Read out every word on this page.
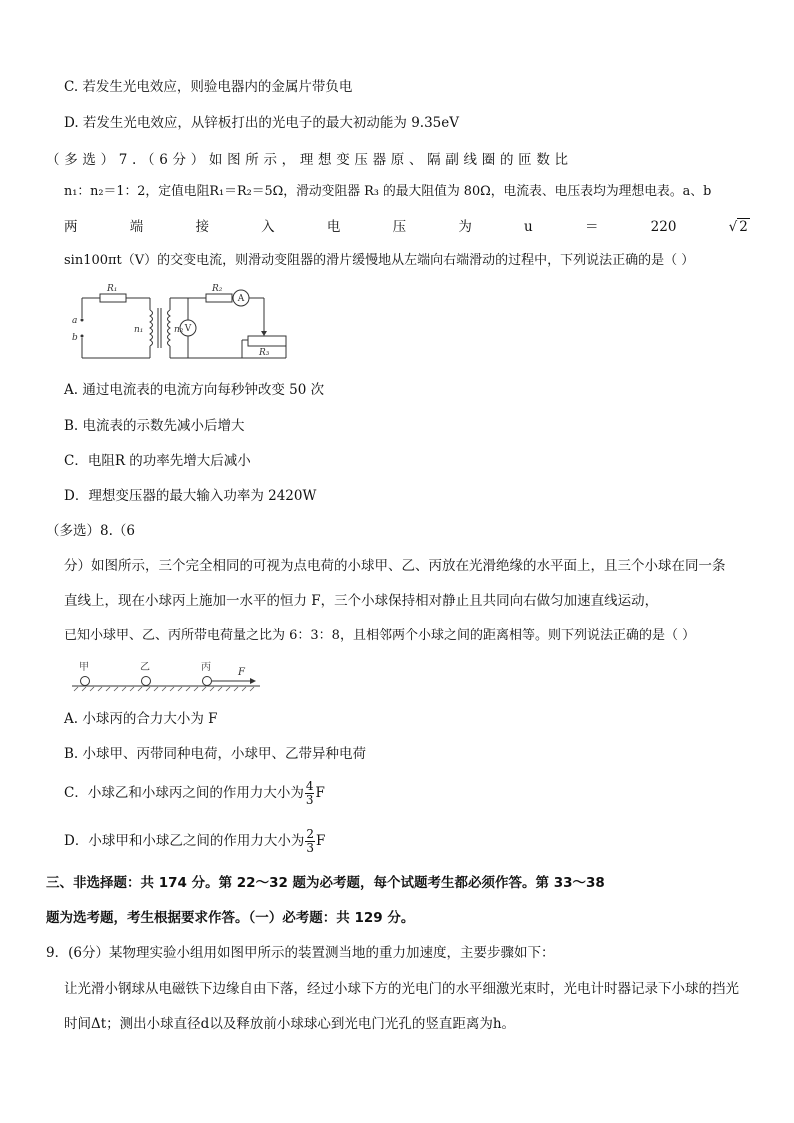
C. 若发生光电效应，则验电器内的金属片带负电
D. 若发生光电效应，从锌板打出的光电子的最大初动能为 9.35eV
（ 多 选 ） 7 . （ 6 分 ） 如 图 所 示 ， 理 想 变 压 器 原 、 隔 副 线 圈 的 匝 数 比
n₁：n₂＝1：2，定值电阻R₁＝R₂＝5Ω，滑动变阻器 R₃ 的最大阻值为 80Ω，电流表、电压表均为理想电表。a、b
两	端	接	入	电	压	为	u	＝	220	√ 2
sin100πt（V）的交变电流，则滑动变阻器的滑片缓慢地从左端向右端滑动的过程中，下列说法正确的是（ ）
R₁	R₂
R₃
a
b
n₁	n₂
A
V
A. 通过电流表的电流方向每秒钟改变 50 次
B. 电流表的示数先减小后增大
C．电阻R 的功率先增大后减小
D．理想变压器的最大输入功率为 2420W
（多选）8.（6
分）如图所示，三个完全相同的可视为点电荷的小球甲、乙、丙放在光滑绝缘的水平面上，且三个小球在同一条
直线上，现在小球丙上施加一水平的恒力 F，三个小球保持相对静止且共同向右做匀加速直线运动，
已知小球甲、乙、丙所带电荷量之比为 6：3：8，且相邻两个小球之间的距离相等。则下列说法正确的是（ ）
甲	乙	丙	F
A. 小球丙的合力大小为 F
B. 小球甲、丙带同种电荷，小球甲、乙带异种电荷
C．小球乙和小球丙之间的作用力大小为 $\frac{4}{3}$ F
D．小球甲和小球乙之间的作用力大小为 $\frac{2}{3}$ F
三、非选择题：共 174 分。第 22～32 题为必考题，每个试题考生都必须作答。第 33～38
题为选考题，考生根据要求作答。（一）必考题：共 129 分。
9．(6分）某物理实验小组用如图甲所示的装置测当地的重力加速度，主要步骤如下：
让光滑小钢球从电磁铁下边缘自由下落，经过小球下方的光电门的水平细激光束时，光电计时器记录下小球的挡光
时间Δt；测出小球直径d以及释放前小球球心到光电门光孔的竖直距离为h。
